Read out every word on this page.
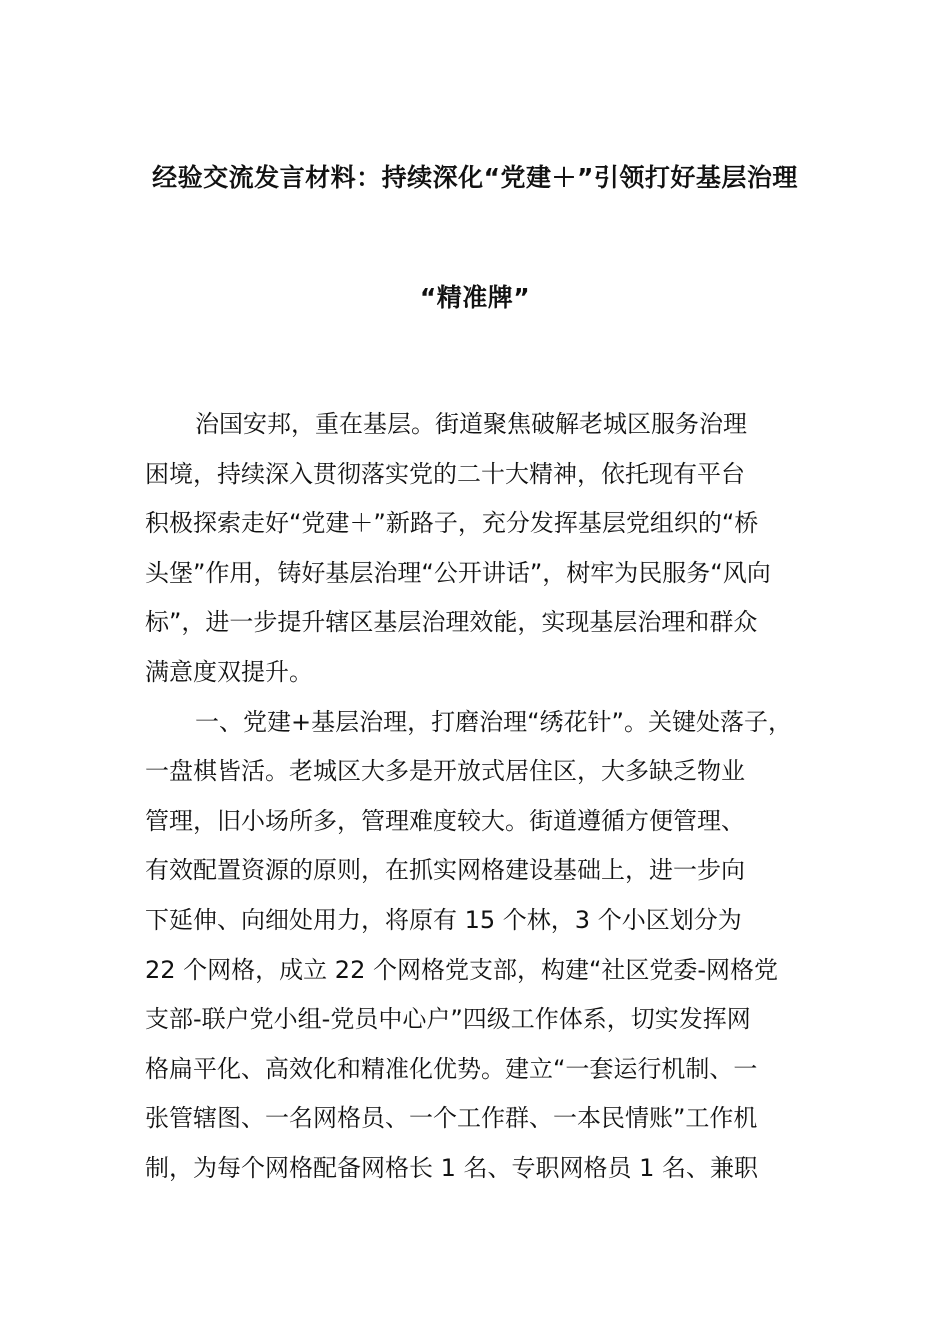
经验交流发言材料：持续深化“党建＋”引领打好基层治理
“精准牌”
治国安邦，重在基层。街道聚焦破解老城区服务治理
困境，持续深入贯彻落实党的二十大精神，依托现有平台
积极探索走好“党建＋”新路子，充分发挥基层党组织的“桥
头堡”作用，铸好基层治理“公开讲话”，树牢为民服务“风向
标”，进一步提升辖区基层治理效能，实现基层治理和群众
满意度双提升。
一、党建+基层治理，打磨治理“绣花针”。关键处落子，
一盘棋皆活。老城区大多是开放式居住区，大多缺乏物业
管理，旧小场所多，管理难度较大。街道遵循方便管理、
有效配置资源的原则，在抓实网格建设基础上，进一步向
下延伸、向细处用力，将原有 15 个林，3 个小区划分为
22 个网格，成立 22 个网格党支部，构建“社区党委-网格党
支部-联户党小组-党员中心户”四级工作体系，切实发挥网
格扁平化、高效化和精准化优势。建立“一套运行机制、一
张管辖图、一名网格员、一个工作群、一本民情账”工作机
制，为每个网格配备网格长 1 名、专职网格员 1 名、兼职
